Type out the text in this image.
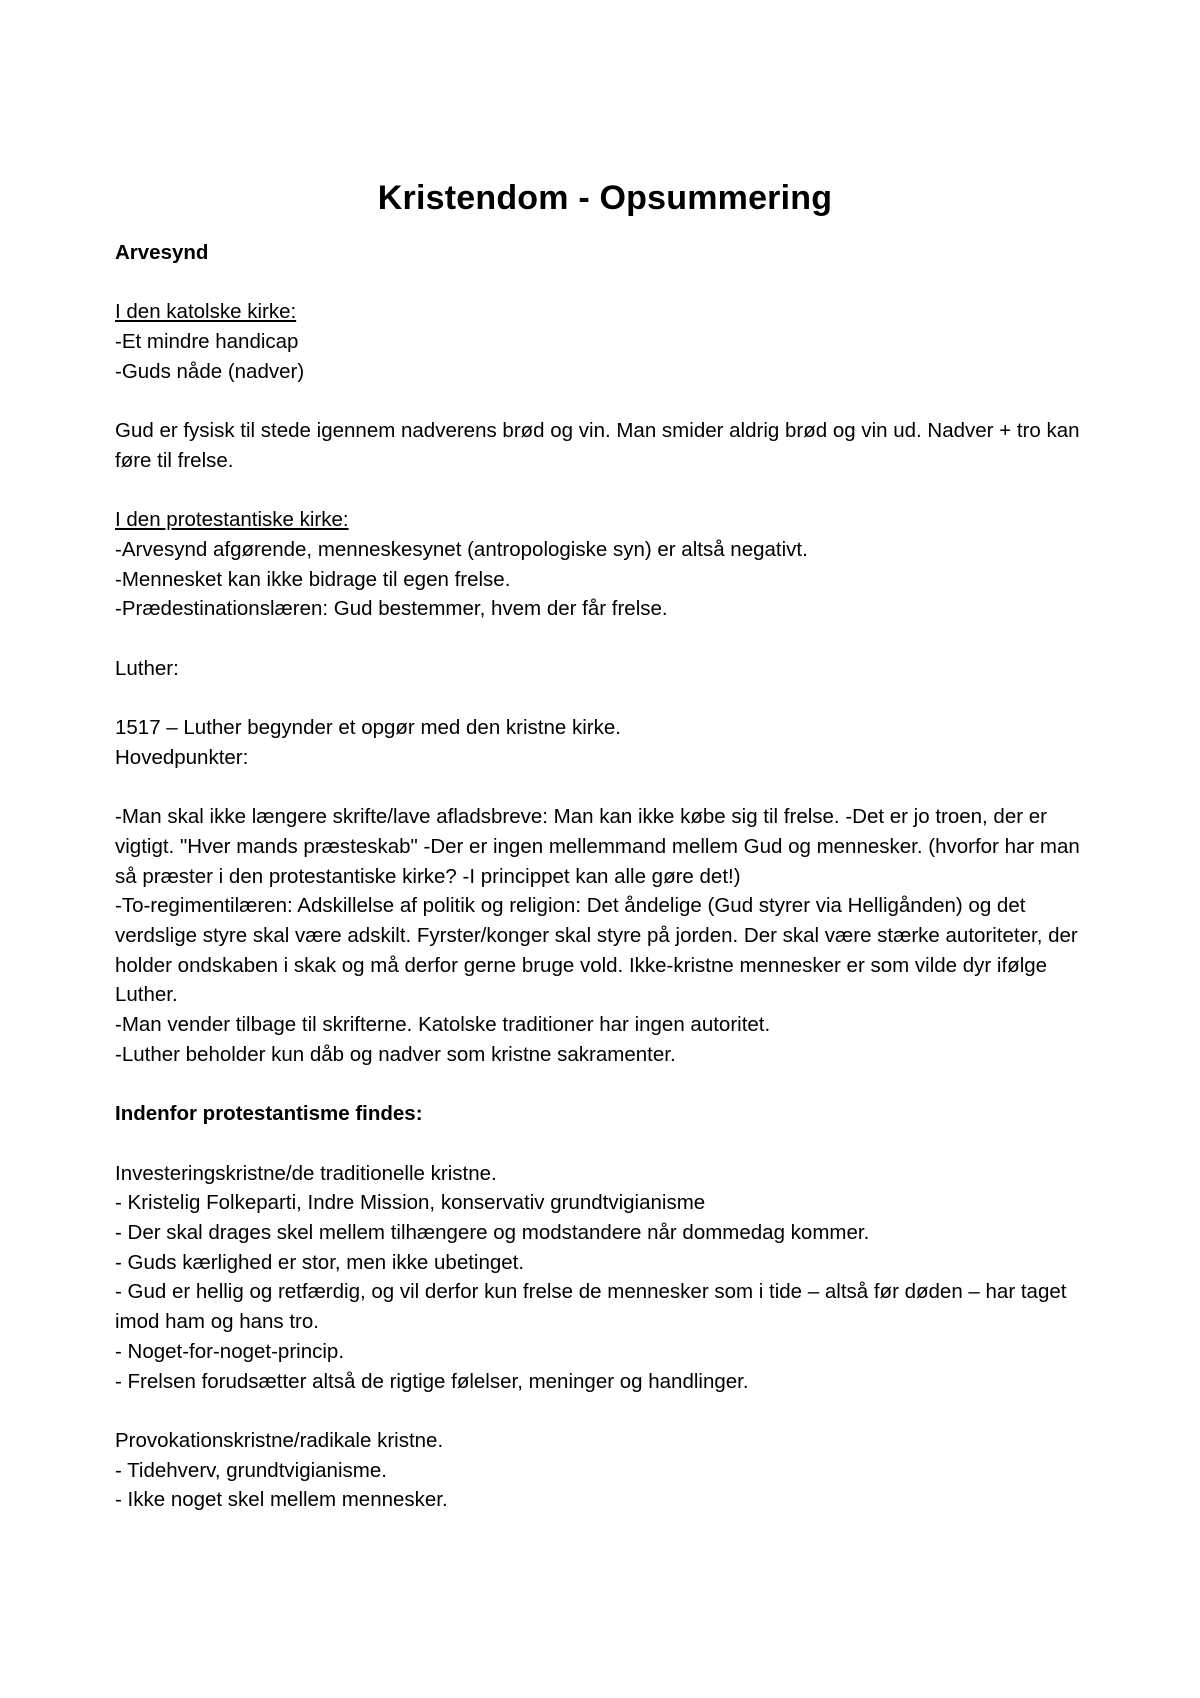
Kristendom - Opsummering

Arvesynd

I den katolske kirke:

-Et mindre handicap

-Guds nåde (nadver)

Gud er fysisk til stede igennem nadverens brød og vin. Man smider aldrig brød og vin ud. Nadver + tro kan føre til frelse.

I den protestantiske kirke:

-Arvesynd afgørende, menneskesynet (antropologiske syn) er altså negativt.

-Mennesket kan ikke bidrage til egen frelse.

-Prædestinationslæren: Gud bestemmer, hvem der får frelse.

Luther:

1517 – Luther begynder et opgør med den kristne kirke.

Hovedpunkter:

-Man skal ikke længere skrifte/lave afladsbreve: Man kan ikke købe sig til frelse. -Det er jo troen, der er vigtigt. "Hver mands præsteskab" -Der er ingen mellemmand mellem Gud og mennesker. (hvorfor har man så præster i den protestantiske kirke? -I princippet kan alle gøre det!)

-To-regimentilæren: Adskillelse af politik og religion: Det åndelige (Gud styrer via Helligånden) og det verdslige styre skal være adskilt. Fyrster/konger skal styre på jorden. Der skal være stærke autoriteter, der holder ondskaben i skak og må derfor gerne bruge vold. Ikke-kristne mennesker er som vilde dyr ifølge Luther.

-Man vender tilbage til skrifterne. Katolske traditioner har ingen autoritet.

-Luther beholder kun dåb og nadver som kristne sakramenter.

Indenfor protestantisme findes:

Investeringskristne/de traditionelle kristne.

- Kristelig Folkeparti, Indre Mission, konservativ grundtvigianisme

- Der skal drages skel mellem tilhængere og modstandere når dommedag kommer.

- Guds kærlighed er stor, men ikke ubetinget.

- Gud er hellig og retfærdig, og vil derfor kun frelse de mennesker som i tide – altså før døden – har taget imod ham og hans tro.

- Noget-for-noget-princip.

- Frelsen forudsætter altså de rigtige følelser, meninger og handlinger.

Provokationskristne/radikale kristne.

- Tidehverv, grundtvigianisme.

- Ikke noget skel mellem mennesker.
